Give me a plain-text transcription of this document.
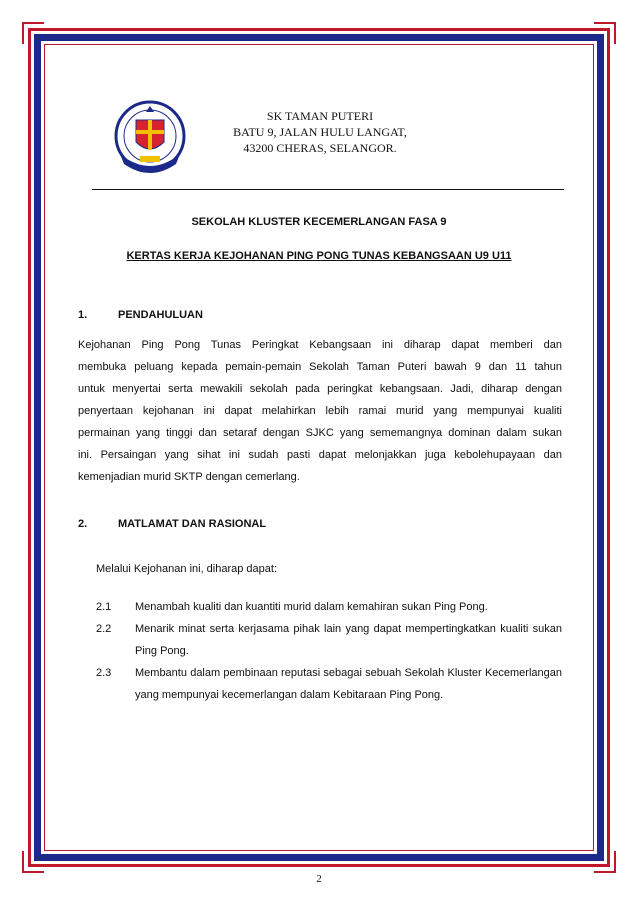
SK TAMAN PUTERI
BATU 9, JALAN HULU LANGAT,
43200 CHERAS, SELANGOR.
SEKOLAH KLUSTER KECEMERLANGAN FASA 9
KERTAS KERJA KEJOHANAN PING PONG TUNAS KEBANGSAAN U9 U11
1.	PENDAHULUAN
Kejohanan Ping Pong Tunas Peringkat Kebangsaan ini diharap dapat memberi dan
membuka peluang kepada pemain-pemain Sekolah Taman Puteri bawah 9 dan 11 tahun
untuk menyertai serta mewakili sekolah pada peringkat kebangsaan. Jadi, diharap dengan
penyertaan kejohanan ini dapat melahirkan lebih ramai murid yang mempunyai kualiti
permainan yang tinggi dan setaraf dengan SJKC yang sememangnya dominan dalam sukan
ini. Persaingan yang sihat ini sudah pasti dapat melonjakkan juga kebolehupayaan dan
kemenjadian murid SKTP dengan cemerlang.
2.	MATLAMAT DAN RASIONAL
Melalui Kejohanan ini, diharap dapat:
2.1	Menambah kualiti dan kuantiti murid dalam kemahiran sukan Ping Pong.
2.2	Menarik minat serta kerjasama pihak lain yang dapat mempertingkatkan kualiti sukan Ping Pong.
2.3	Membantu dalam pembinaan reputasi sebagai sebuah Sekolah Kluster Kecemerlangan yang mempunyai kecemerlangan dalam Kebitaraan Ping Pong.
2
